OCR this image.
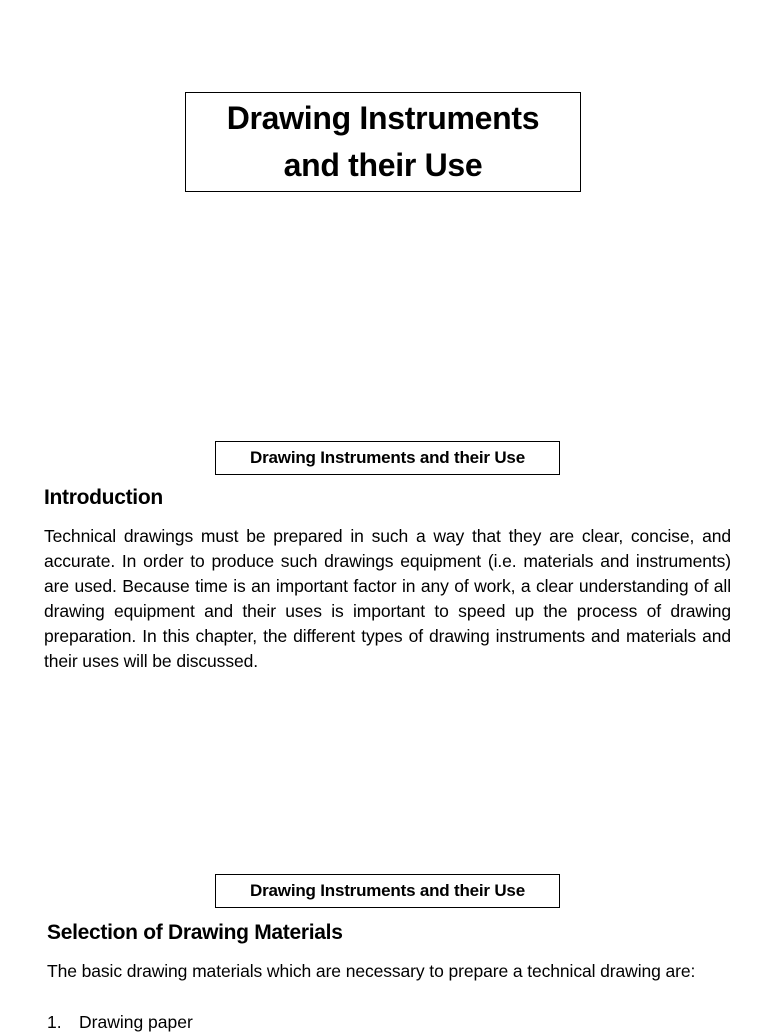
Drawing Instruments
and their Use
Drawing Instruments and their Use
Introduction
Technical drawings must be prepared in such a way that they are clear, concise, and accurate. In order to produce such drawings equipment (i.e. materials and instruments) are used. Because time is an important factor in any of work, a clear understanding of all drawing equipment and their uses is important to speed up the process of drawing preparation. In this chapter, the different types of drawing instruments and materials and their uses will be discussed.
Drawing Instruments and their Use
Selection of Drawing Materials
The basic drawing materials which are necessary to prepare a technical drawing are:
1. Drawing paper
